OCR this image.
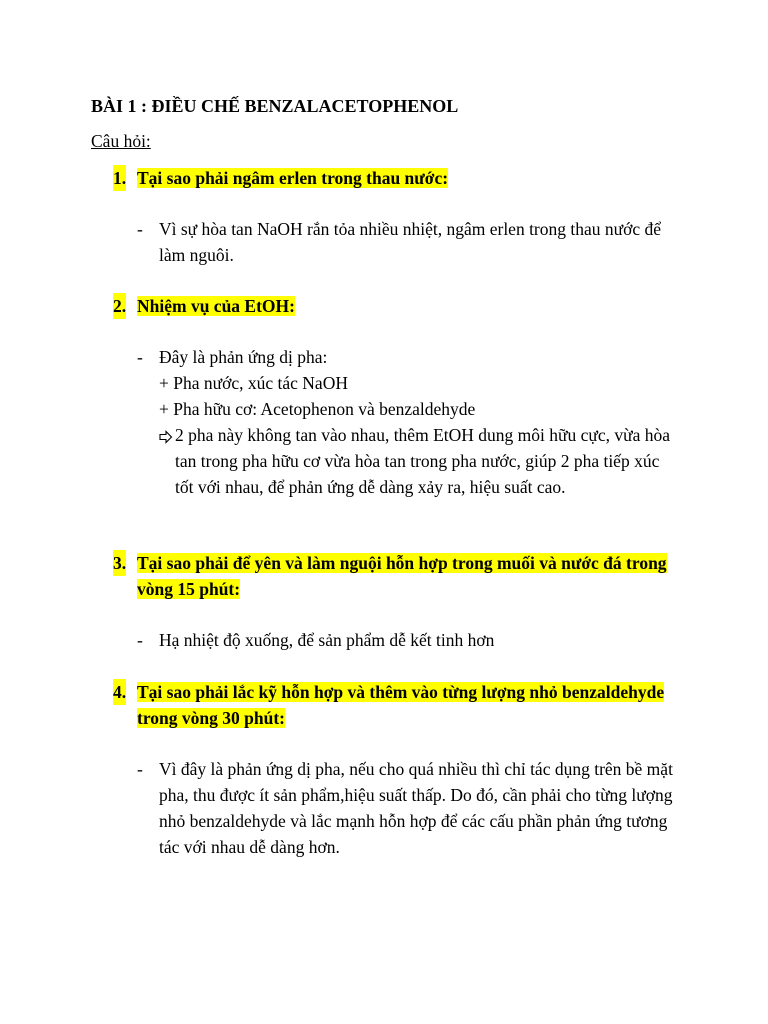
BÀI 1 : ĐIỀU CHẾ BENZALACETOPHENOL
Câu hỏi:
1. Tại sao phải ngâm erlen trong thau nước:
- Vì sự hòa tan NaOH rắn tỏa nhiều nhiệt, ngâm erlen trong thau nước để làm nguôi.
2. Nhiệm vụ của EtOH:
- Đây là phản ứng dị pha:
+ Pha nước, xúc tác NaOH
+ Pha hữu cơ: Acetophenon và benzaldehyde
2 pha này không tan vào nhau, thêm EtOH dung môi hữu cực, vừa hòa tan trong pha hữu cơ vừa hòa tan trong pha nước, giúp 2 pha tiếp xúc tốt với nhau, để phản ứng dễ dàng xảy ra, hiệu suất cao.
3. Tại sao phải để yên và làm nguội hỗn hợp trong muối và nước đá trong vòng 15 phút:
- Hạ nhiệt độ xuống, để sản phẩm dễ kết tinh hơn
4. Tại sao phải lắc kỹ hỗn hợp và thêm vào từng lượng nhỏ benzaldehyde trong vòng 30 phút:
- Vì đây là phản ứng dị pha, nếu cho quá nhiều thì chỉ tác dụng trên bề mặt pha, thu được ít sản phẩm,hiệu suất thấp. Do đó, cần phải cho từng lượng nhỏ benzaldehyde và lắc mạnh hỗn hợp để các cấu phần phản ứng tương tác với nhau dễ dàng hơn.
